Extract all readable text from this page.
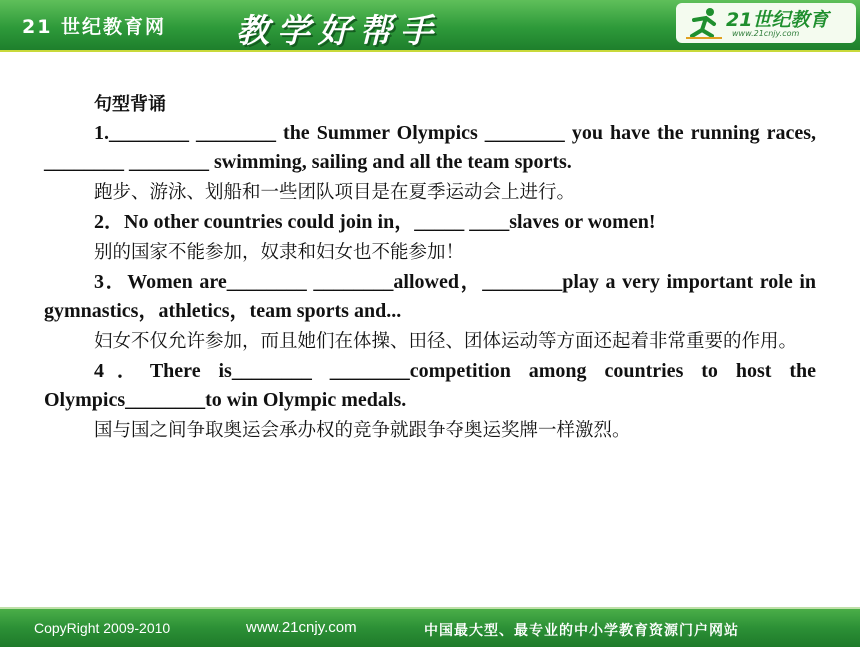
21 世纪教育网 教学好帮手	21世纪教育
www.21cnjy.com

句型背诵

1.________ ________ the Summer Olympics ________ you have the running races, ________ ________ swimming, sailing and all the team sports.

跑步、游泳、划船和一些团队项目是在夏季运动会上进行。

2．No other countries could join in，_____ ____slaves or women!

别的国家不能参加，奴隶和妇女也不能参加！

3．Women are________ ________allowed，________play a very important role in gymnastics，athletics，team sports and...

妇女不仅允许参加，而且她们在体操、田径、团体运动等方面还起着非常重要的作用。

4．There is________ ________competition among countries to host the Olympics________to win Olympic medals.

国与国之间争取奥运会承办权的竞争就跟争夺奥运奖牌一样激烈。

CopyRight 2009-2010	www.21cnjy.com	中国最大型、最专业的中小学教育资源门户网站
